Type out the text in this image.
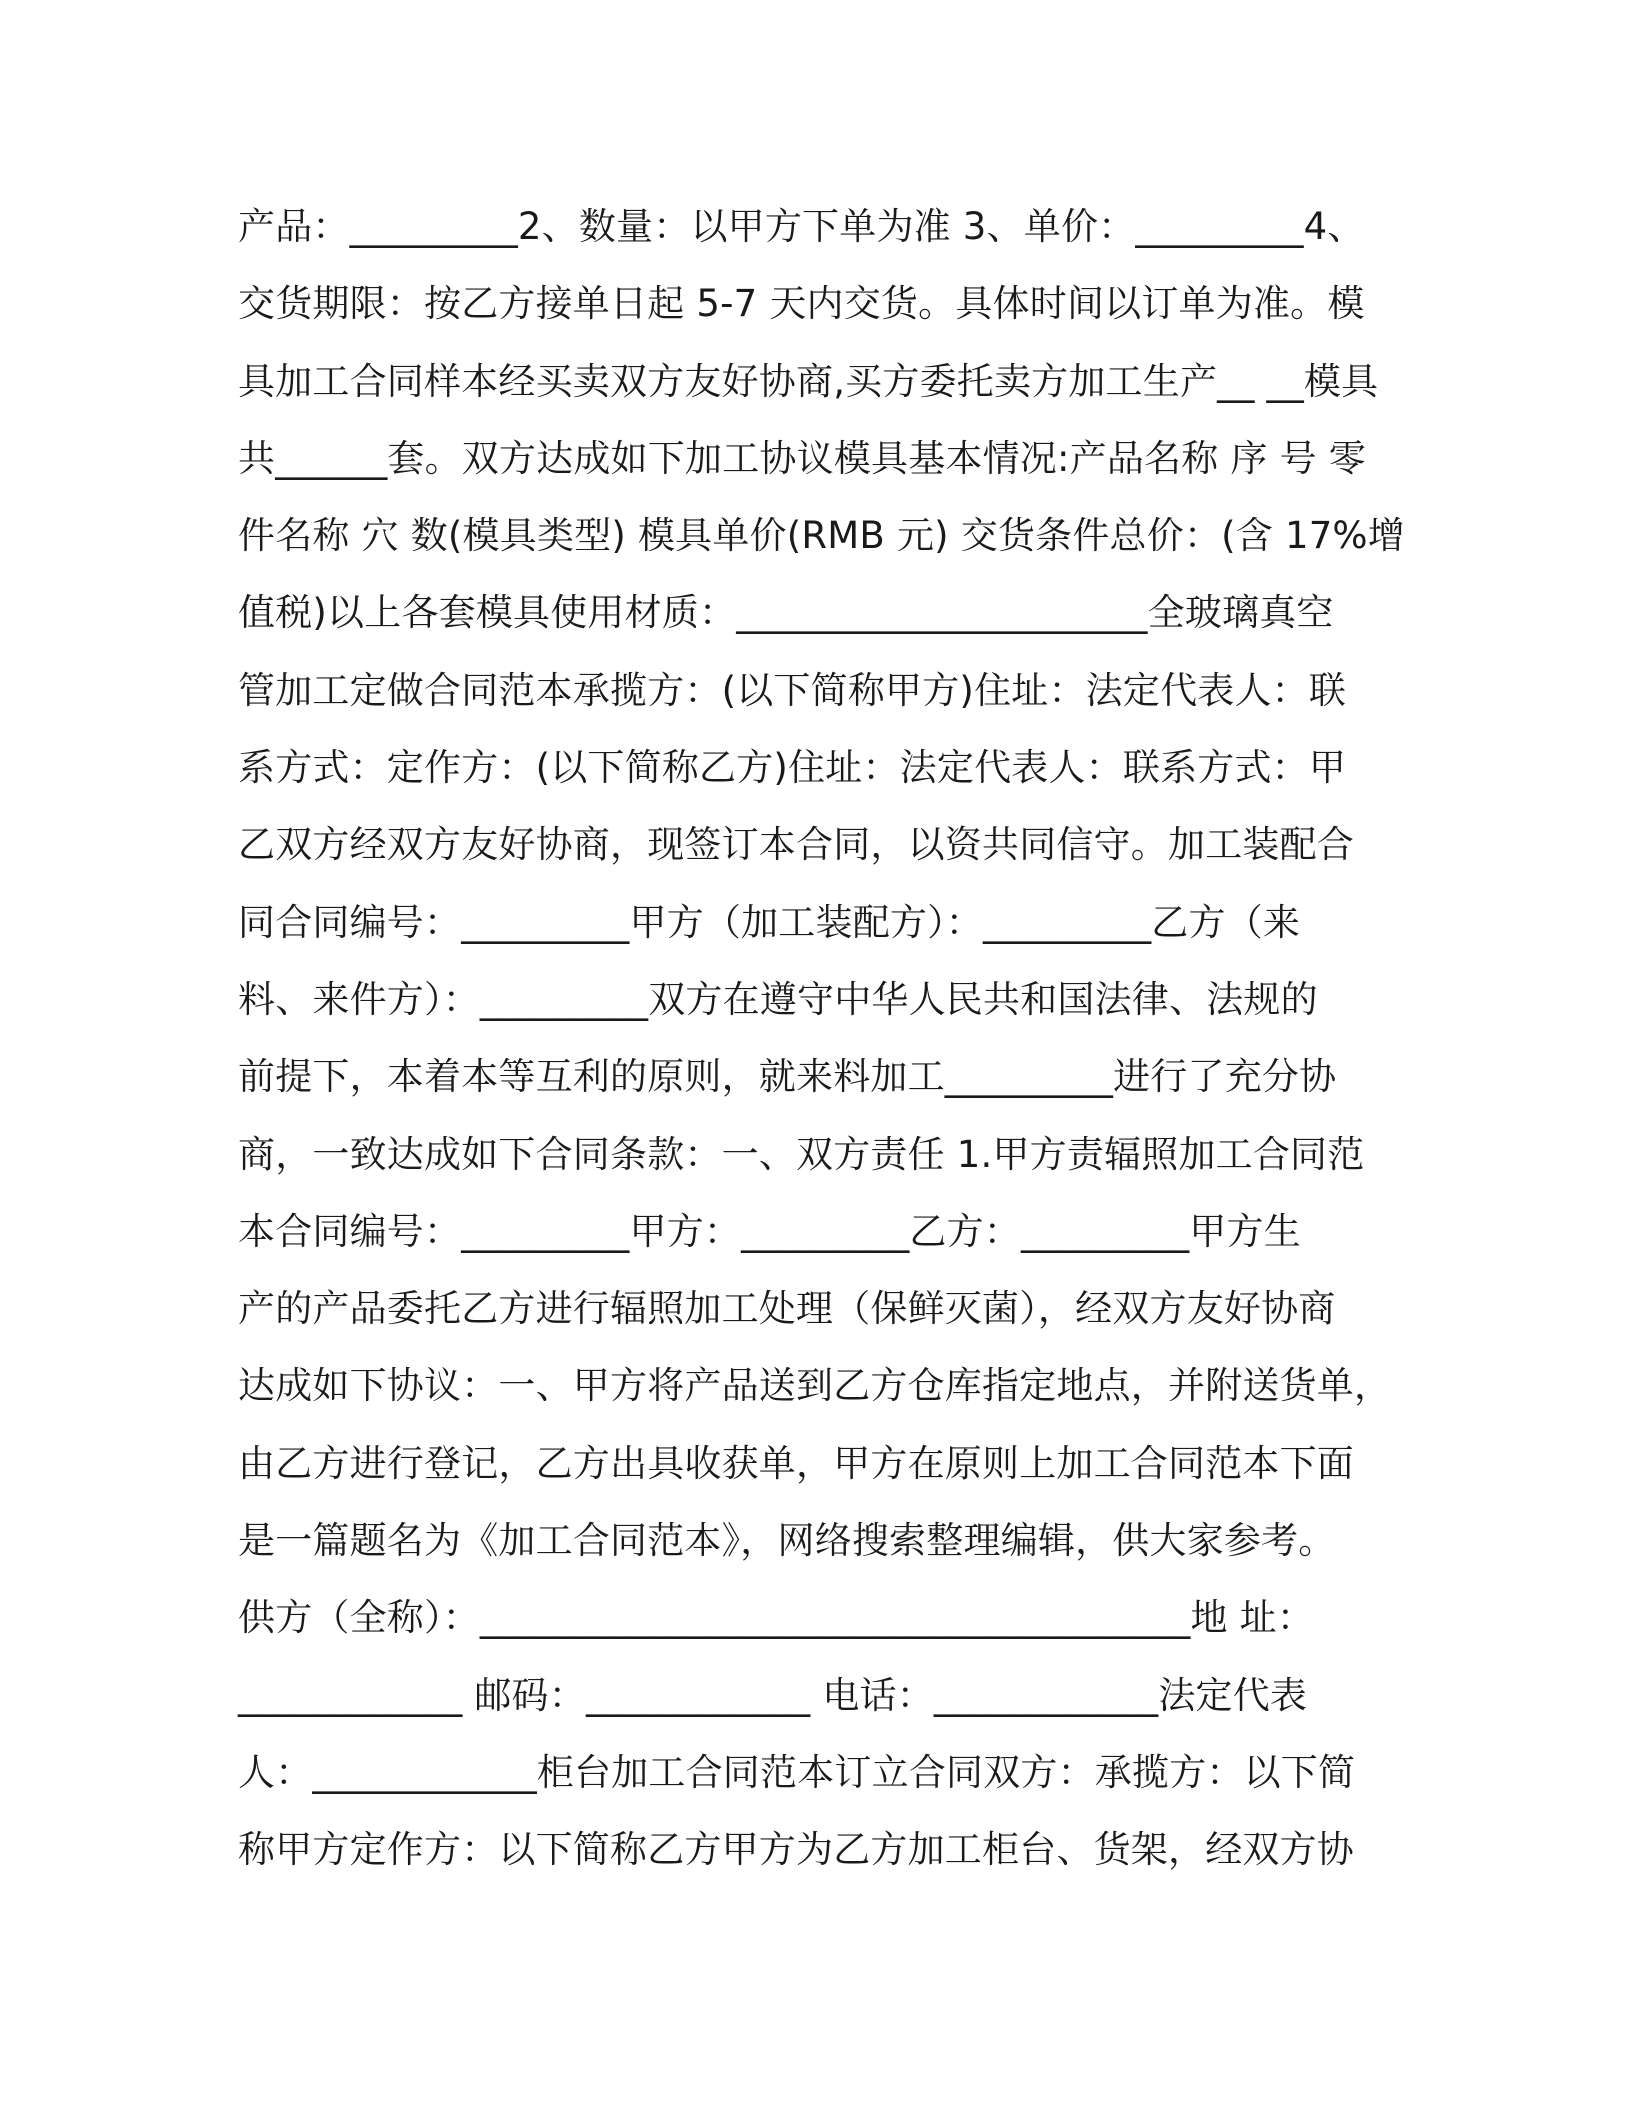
产品：_________2、数量：以甲方下单为准 3、单价：_________4、
交货期限：按乙方接单日起 5-7 天内交货。具体时间以订单为准。模
具加工合同样本经买卖双方友好协商,买方委托卖方加工生产__ __模具
共______套。双方达成如下加工协议模具基本情况:产品名称 序 号 零
件名称 穴 数(模具类型) 模具单价(RMB 元) 交货条件总价：(含 17%增
值税)以上各套模具使用材质：______________________全玻璃真空
管加工定做合同范本承揽方：(以下简称甲方)住址：法定代表人：联
系方式：定作方：(以下简称乙方)住址：法定代表人：联系方式：甲
乙双方经双方友好协商，现签订本合同，以资共同信守。加工装配合
同合同编号：_________甲方（加工装配方）：_________乙方（来
料、来件方）：_________双方在遵守中华人民共和国法律、法规的
前提下，本着本等互利的原则，就来料加工_________进行了充分协
商，一致达成如下合同条款：一、双方责任 1.甲方责辐照加工合同范
本合同编号：_________甲方：_________乙方：_________甲方生
产的产品委托乙方进行辐照加工处理（保鲜灭菌），经双方友好协商
达成如下协议：一、甲方将产品送到乙方仓库指定地点，并附送货单，
由乙方进行登记，乙方出具收获单，甲方在原则上加工合同范本下面
是一篇题名为《加工合同范本》，网络搜索整理编辑，供大家参考。
供方（全称）：______________________________________地 址：
____________ 邮码：____________ 电话：____________法定代表
人：____________柜台加工合同范本订立合同双方：承揽方：以下简
称甲方定作方：以下简称乙方甲方为乙方加工柜台、货架，经双方协
